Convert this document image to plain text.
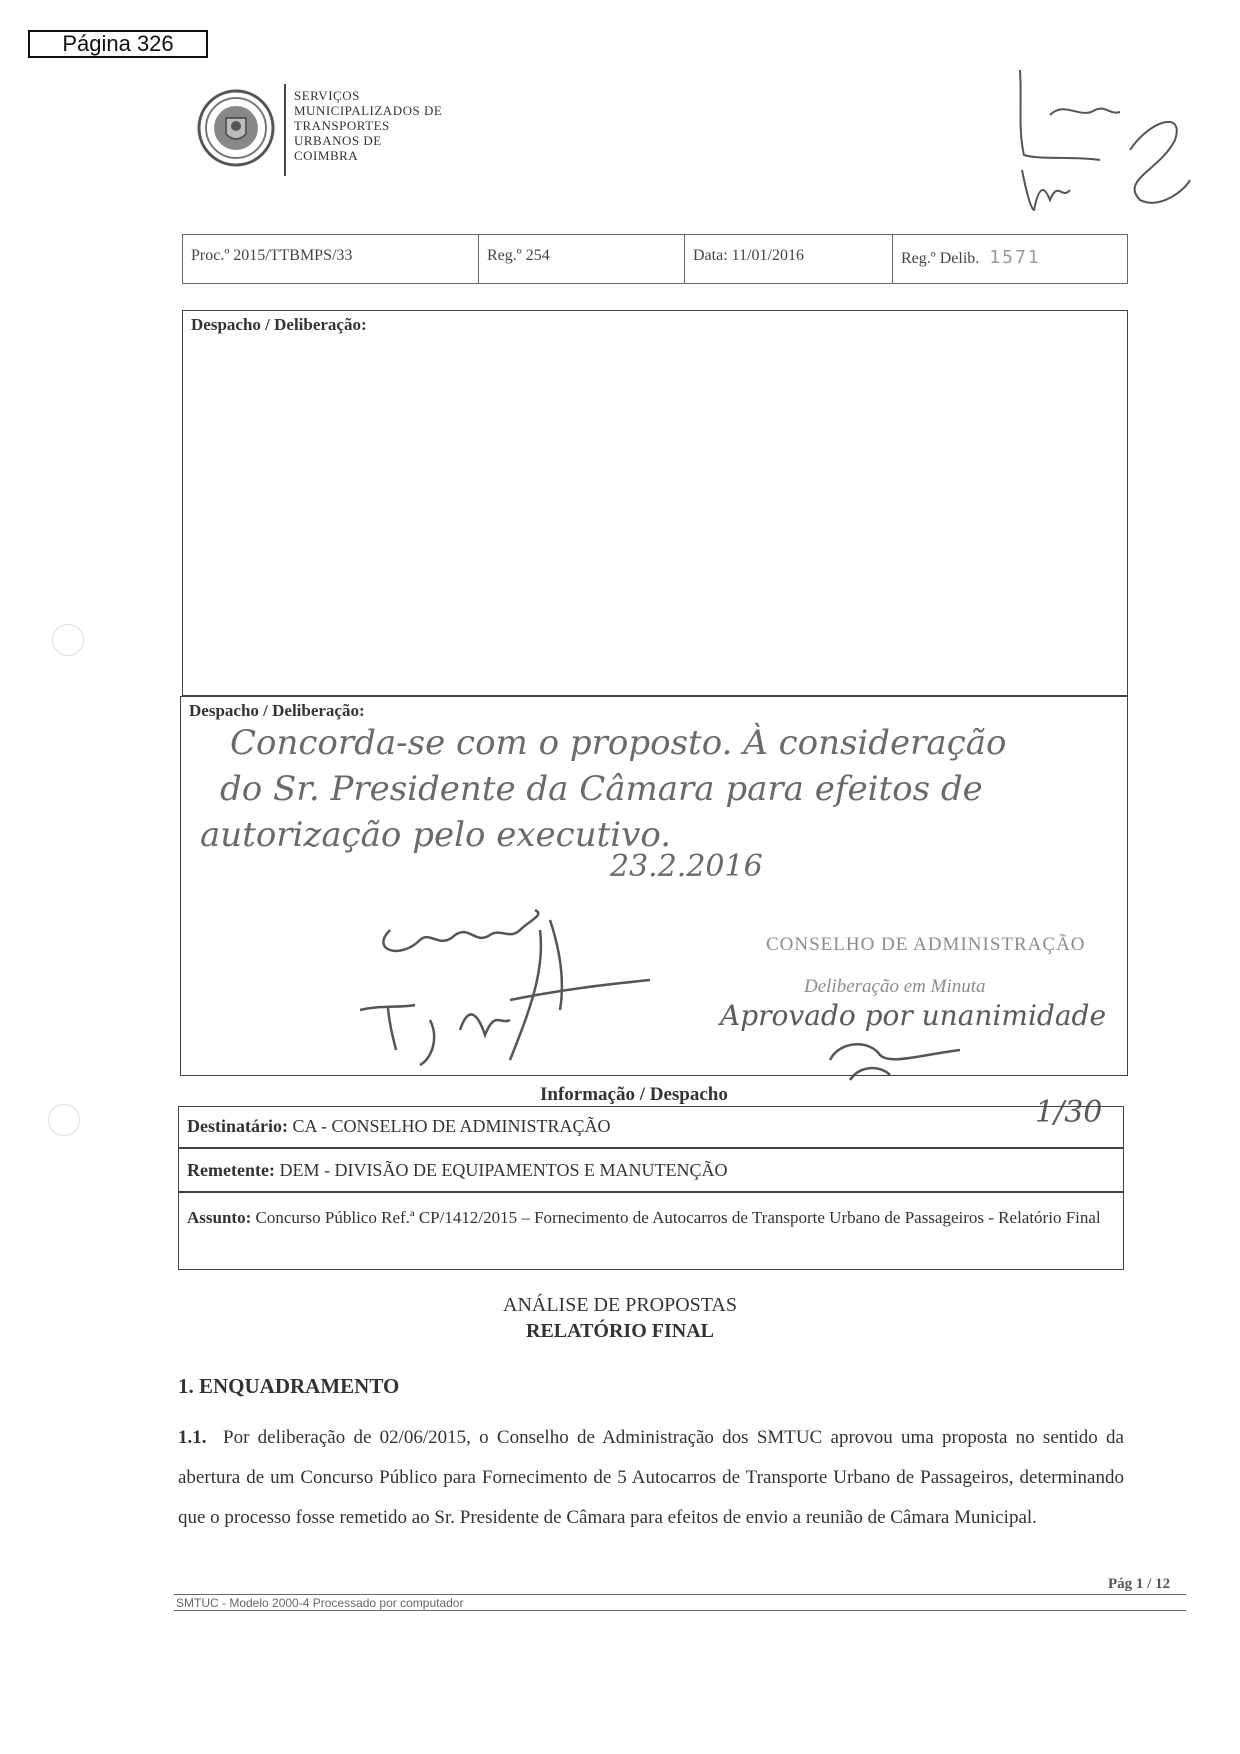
Página 326
SERVIÇOS
MUNICIPALIZADOS DE
TRANSPORTES
URBANOS DE
COIMBRA
Proc.º 2015/TTBMPS/33	Reg.º 254	Data: 11/01/2016	Reg.º Delib. 1571
Despacho / Deliberação:
Despacho / Deliberação:
Concorda-se com o proposto. À consideração
do Sr. Presidente da Câmara para efeitos de
autorização pelo executivo.
23.2.2016
CONSELHO DE ADMINISTRAÇÃO
Deliberação em Minuta
Aprovado por unanimidade
1/30
Informação / Despacho
Destinatário: CA - CONSELHO DE ADMINISTRAÇÃO
Remetente: DEM - DIVISÃO DE EQUIPAMENTOS E MANUTENÇÃO
Assunto: Concurso Público Ref.ª CP/1412/2015 – Fornecimento de Autocarros de Transporte Urbano de Passageiros - Relatório Final
ANÁLISE DE PROPOSTAS
RELATÓRIO FINAL
1. ENQUADRAMENTO
1.1. Por deliberação de 02/06/2015, o Conselho de Administração dos SMTUC aprovou uma proposta no sentido da abertura de um Concurso Público para Fornecimento de 5 Autocarros de Transporte Urbano de Passageiros, determinando que o processo fosse remetido ao Sr. Presidente de Câmara para efeitos de envio a reunião de Câmara Municipal.
Pág 1 / 12
SMTUC - Modelo 2000-4 Processado por computador
